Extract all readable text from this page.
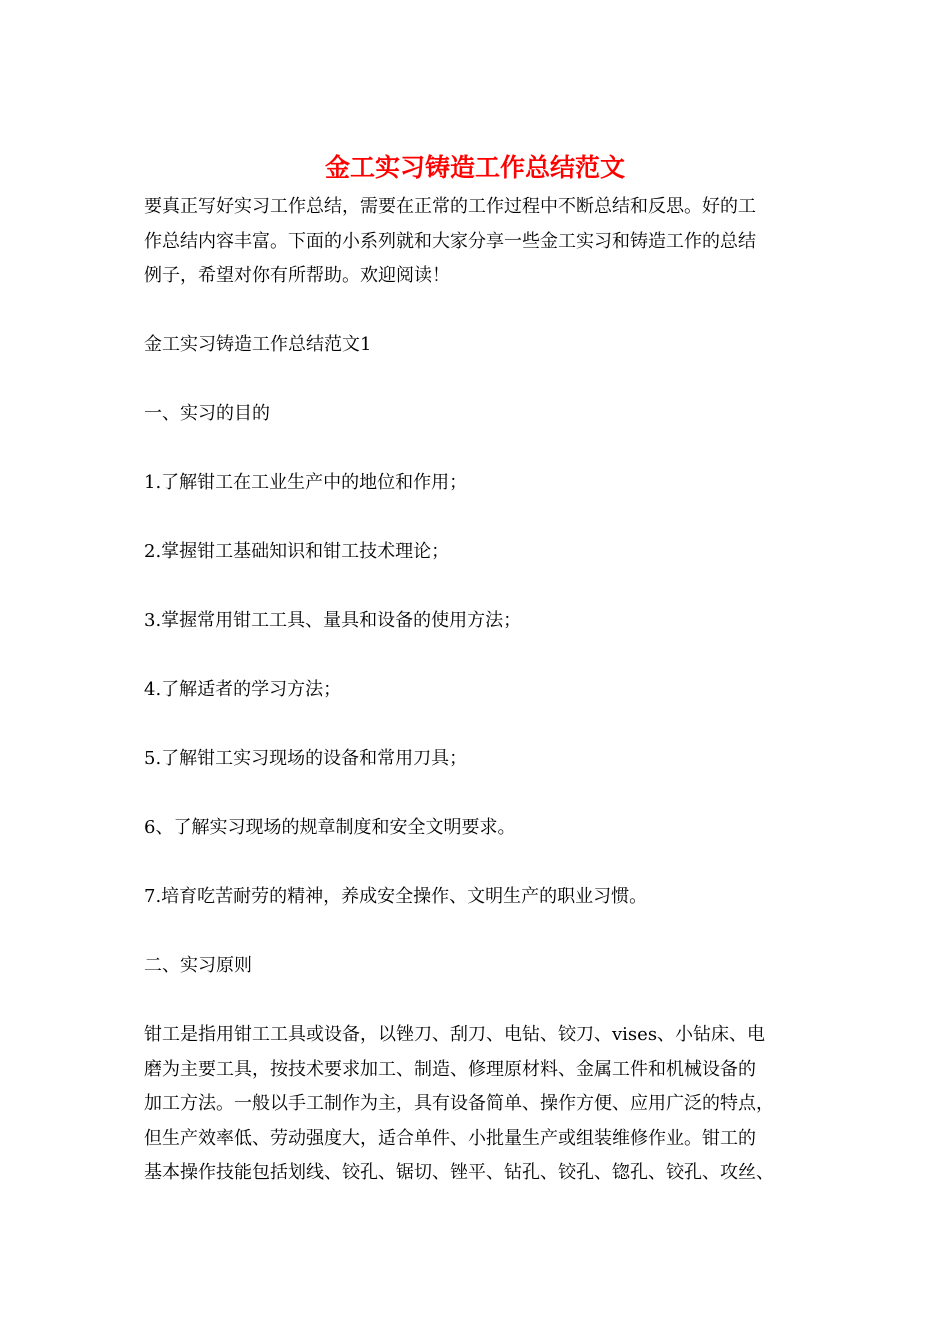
金工实习铸造工作总结范文
要真正写好实习工作总结，需要在正常的工作过程中不断总结和反思。好的工
作总结内容丰富。下面的小系列就和大家分享一些金工实习和铸造工作的总结
例子，希望对你有所帮助。欢迎阅读！
金工实习铸造工作总结范文1
一、实习的目的
1.了解钳工在工业生产中的地位和作用；
2.掌握钳工基础知识和钳工技术理论；
3.掌握常用钳工工具、量具和设备的使用方法；
4.了解适者的学习方法；
5.了解钳工实习现场的设备和常用刀具；
6、了解实习现场的规章制度和安全文明要求。
7.培育吃苦耐劳的精神，养成安全操作、文明生产的职业习惯。
二、实习原则
钳工是指用钳工工具或设备，以锉刀、刮刀、电钻、铰刀、vises、小钻床、电
磨为主要工具，按技术要求加工、制造、修理原材料、金属工件和机械设备的
加工方法。一般以手工制作为主，具有设备简单、操作方便、应用广泛的特点，
但生产效率低、劳动强度大，适合单件、小批量生产或组装维修作业。钳工的
基本操作技能包括划线、铰孔、锯切、锉平、钻孔、铰孔、锪孔、铰孔、攻丝、
